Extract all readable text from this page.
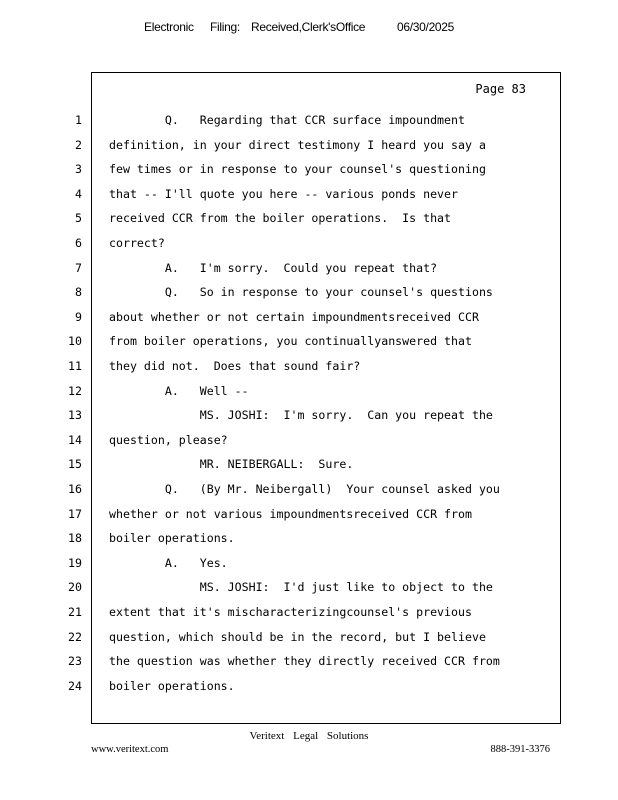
Electronic Filing: Received,Clerk'sOffice	06/30/2025
Page 83
1 Q.   Regarding that CCR surface impoundment
2 definition, in your direct testimony I heard you say a
3 few times or in response to your counsel's questioning
4 that -- I'll quote you here -- various ponds never
5 received CCR from the boiler operations.  Is that
6 correct?
7 A.   I'm sorry.  Could you repeat that?
8 Q.   So in response to your counsel's questions
9 about whether or not certain impoundmentsreceived CCR
10 from boiler operations, you continuallyanswered that
11 they did not.  Does that sound fair?
12 A.   Well --
13 MS. JOSHI:  I'm sorry.  Can you repeat the
14 question, please?
15 MR. NEIBERGALL:  Sure.
16 Q.   (By Mr. Neibergall)  Your counsel asked you
17 whether or not various impoundmentsreceived CCR from
18 boiler operations.
19 A.   Yes.
20 MS. JOSHI:  I'd just like to object to the
21 extent that it's mischaracterizingcounsel's previous
22 question, which should be in the record, but I believe
23 the question was whether they directly received CCR from
24 boiler operations.
Veritext Legal Solutions
www.veritext.com	888-391-3376
